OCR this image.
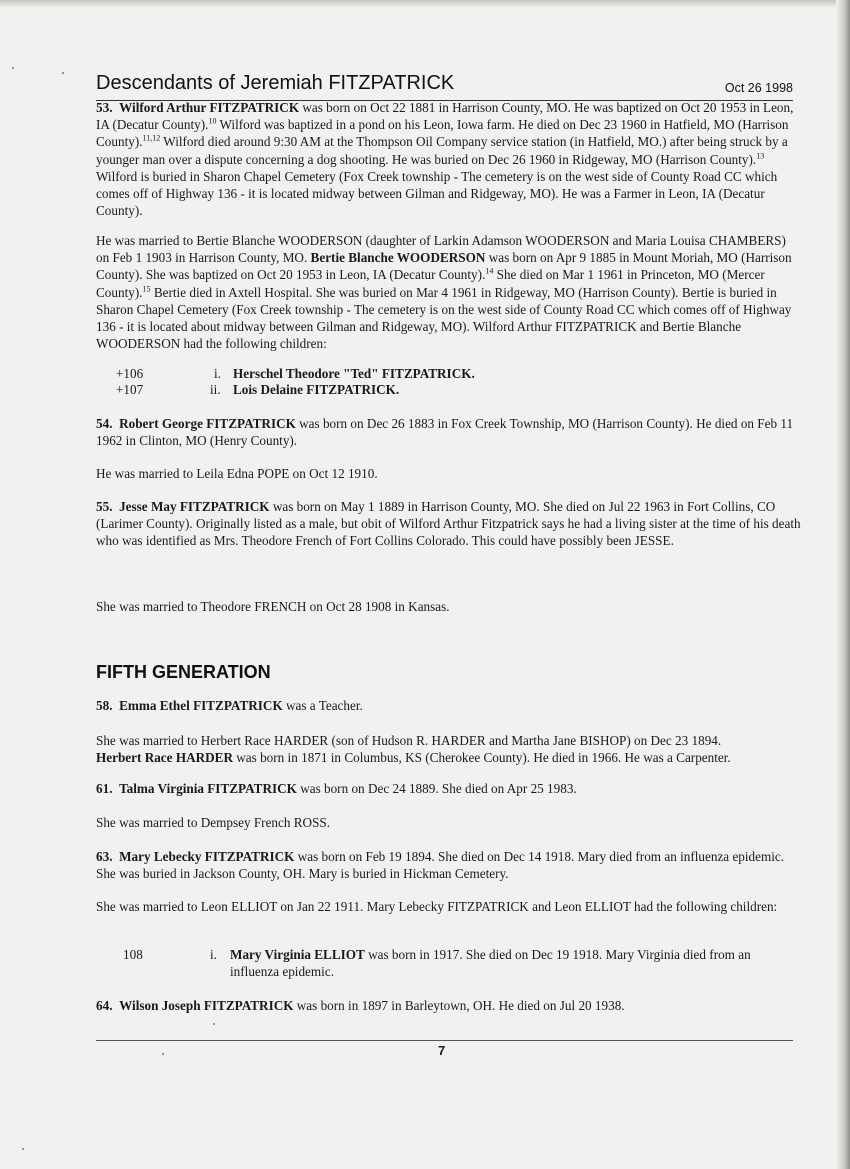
Descendants of Jeremiah FITZPATRICK	Oct 26 1998

53. Wilford Arthur FITZPATRICK was born on Oct 22 1881 in Harrison County, MO. He was baptized on Oct 20 1953 in Leon, IA (Decatur County).$^{10}$ Wilford was baptized in a pond on his Leon, Iowa farm. He died on Dec 23 1960 in Hatfield, MO (Harrison County).$^{11,12}$ Wilford died around 9:30 AM at the Thompson Oil Company service station (in Hatfield, MO.) after being struck by a younger man over a dispute concerning a dog shooting. He was buried on Dec 26 1960 in Ridgeway, MO (Harrison County).$^{13}$ Wilford is buried in Sharon Chapel Cemetery (Fox Creek township - The cemetery is on the west side of County Road CC which comes off of Highway 136 - it is located midway between Gilman and Ridgeway, MO). He was a Farmer in Leon, IA (Decatur County).

He was married to Bertie Blanche WOODERSON (daughter of Larkin Adamson WOODERSON and Maria Louisa CHAMBERS) on Feb 1 1903 in Harrison County, MO. Bertie Blanche WOODERSON was born on Apr 9 1885 in Mount Moriah, MO (Harrison County). She was baptized on Oct 20 1953 in Leon, IA (Decatur County).$^{14}$ She died on Mar 1 1961 in Princeton, MO (Mercer County).$^{15}$ Bertie died in Axtell Hospital. She was buried on Mar 4 1961 in Ridgeway, MO (Harrison County). Bertie is buried in Sharon Chapel Cemetery (Fox Creek township - The cemetery is on the west side of County Road CC which comes off of Highway 136 - it is located about midway between Gilman and Ridgeway, MO). Wilford Arthur FITZPATRICK and Bertie Blanche WOODERSON had the following children:

+106	i. Herschel Theodore "Ted" FITZPATRICK.
+107	ii. Lois Delaine FITZPATRICK.

54. Robert George FITZPATRICK was born on Dec 26 1883 in Fox Creek Township, MO (Harrison County). He died on Feb 11 1962 in Clinton, MO (Henry County).

He was married to Leila Edna POPE on Oct 12 1910.

55. Jesse May FITZPATRICK was born on May 1 1889 in Harrison County, MO. She died on Jul 22 1963 in Fort Collins, CO (Larimer County). Originally listed as a male, but obit of Wilford Arthur Fitzpatrick says he had a living sister at the time of his death who was identified as Mrs. Theodore French of Fort Collins Colorado. This could have possibly been JESSE.

She was married to Theodore FRENCH on Oct 28 1908 in Kansas.

FIFTH GENERATION

58. Emma Ethel FITZPATRICK was a Teacher.

She was married to Herbert Race HARDER (son of Hudson R. HARDER and Martha Jane BISHOP) on Dec 23 1894.
Herbert Race HARDER was born in 1871 in Columbus, KS (Cherokee County). He died in 1966. He was a Carpenter.

61. Talma Virginia FITZPATRICK was born on Dec 24 1889. She died on Apr 25 1983.

She was married to Dempsey French ROSS.

63. Mary Lebecky FITZPATRICK was born on Feb 19 1894. She died on Dec 14 1918. Mary died from an influenza epidemic. She was buried in Jackson County, OH. Mary is buried in Hickman Cemetery.

She was married to Leon ELLIOT on Jan 22 1911. Mary Lebecky FITZPATRICK and Leon ELLIOT had the following children:

108	i. Mary Virginia ELLIOT was born in 1917. She died on Dec 19 1918. Mary Virginia died from an influenza epidemic.

64. Wilson Joseph FITZPATRICK was born in 1897 in Barleytown, OH. He died on Jul 20 1938.

7
